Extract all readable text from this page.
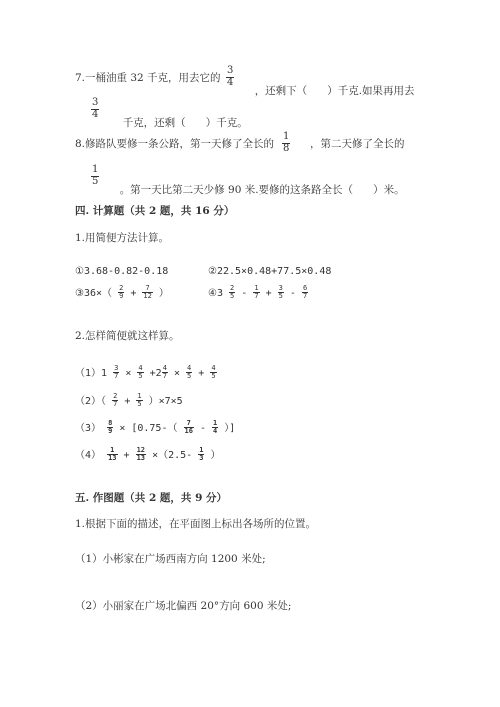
7.一桶油重 32 千克，用去它的 $\frac{3}{4}$

，还剩下（ ）千克.如果再用去

$\frac{3}{4}$

千克，还剩（ ）千克。

8.修路队要修一条公路，第一天修了全长的 $\frac{1}{8}$ ，第二天修了全长的
$\frac{1}{5}$

。第一天比第二天少修 90 米.要修的这条路全长（ ）米。

四. 计算题（共 2 题，共 16 分）
1.用简便方法计算。
①3.68-0.82-0.18	②22.5×0.48+77.5×0.48
③36×（ $\frac{2}{9} + \frac{7}{12}$ ）	④3 $\frac{2}{5} - \frac{1}{7} + \frac{3}{5} - \frac{6}{7}$
2.怎样简便就这样算。
$(1)1 \frac{3}{7} \times \frac{4}{5} +2 \frac{4}{7} \times \frac{4}{5} + \frac{4}{5}$
$(2)( \frac{2}{7} + \frac{1}{5} )\times 7\times 5$
$(3) \frac{8}{9} \times [0.75-( \frac{7}{16} - \frac{1}{4}$ ）]
$(4) \frac{1}{13} + \frac{12}{13} \times(2.5- \frac{1}{3}$ ）
五. 作图题（共 2 题，共 9 分）
1.根据下面的描述，在平面图上标出各场所的位置。
（1）小彬家在广场西南方向 1200 米处;
（2）小丽家在广场北偏西 20°方向 600 米处;
